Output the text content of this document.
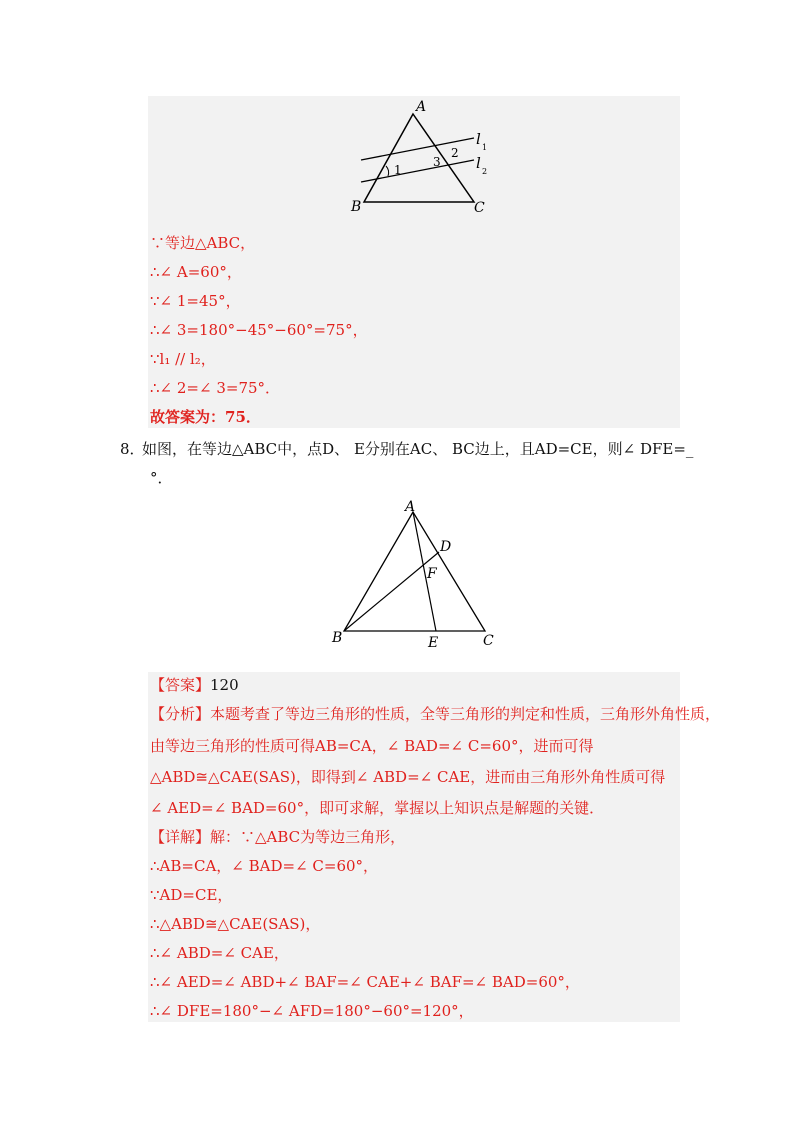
A
B	C
l 1
l 2
1
2
3
∵等边△ABC，
∴∠ A=60°，
∵∠ 1=45°，
∴∠ 3=180°−45°−60°=75°，
∵l₁ // l₂，
∴∠ 2=∠ 3=75°．
故答案为：75．
8．
如图，在等边△ABC中，点D、 E分别在AC、 BC边上，且AD=CE，则∠ DFE=_
°．
A
B	C
D
E
F
【答案】120
【分析】本题考查了等边三角形的性质，全等三角形的判定和性质，三角形外角性质，
由等边三角形的性质可得AB=CA，∠ BAD=∠ C=60°，进而可得
△ABD≅△CAE(SAS)，即得到∠ ABD=∠ CAE，进而由三角形外角性质可得
∠ AED=∠ BAD=60°，即可求解，掌握以上知识点是解题的关键．
【详解】解：∵△ABC为等边三角形，
∴AB=CA，∠ BAD=∠ C=60°，
∵AD=CE，
∴△ABD≅△CAE(SAS)，
∴∠ ABD=∠ CAE，
∴∠ AED=∠ ABD+∠ BAF=∠ CAE+∠ BAF=∠ BAD=60°，
∴∠ DFE=180°−∠ AFD=180°−60°=120°，
